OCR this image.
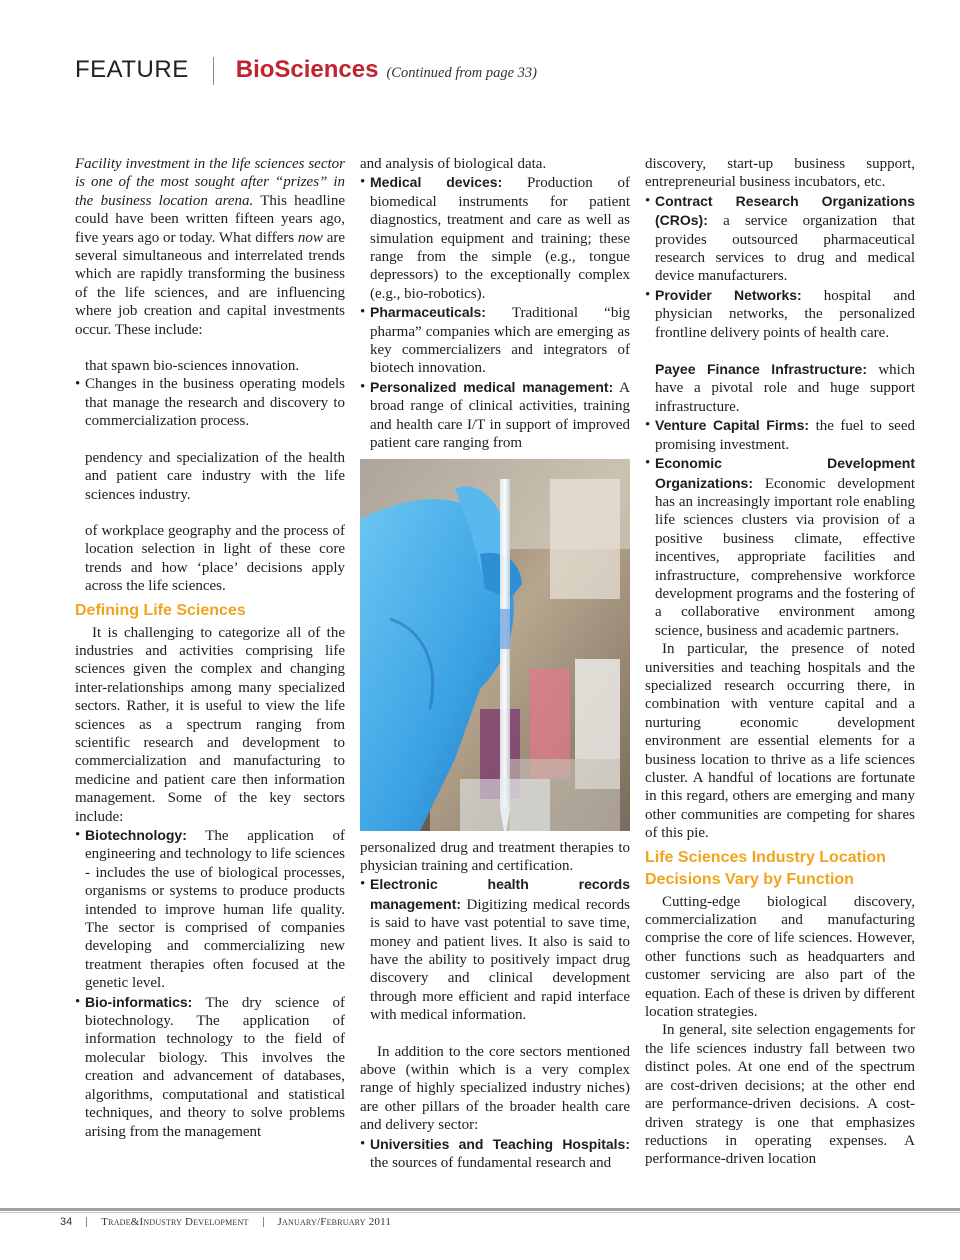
FEATURE BioSciences (Continued from page 33)

Facility investment in the life sciences sector is one of the most sought after “prizes” in the business location arena. This headline could have been written fifteen years ago, five years ago or today. What differs now are several simultaneous and interrelated trends which are rapidly transforming the business of the life sciences, and are influencing where job creation and capital investments occur. These include:

that spawn bio-sciences innovation.

• Changes in the business operating models that manage the research and discovery to commercialization process.

pendency and specialization of the health and patient care industry with the life sciences industry.

of workplace geography and the process of location selection in light of these core trends and how ‘place’ decisions apply across the life sciences.

Defining Life Sciences

It is challenging to categorize all of the industries and activities comprising life sciences given the complex and changing inter-relationships among many specialized sectors. Rather, it is useful to view the life sciences as a spectrum ranging from scientific research and development to commercialization and manufacturing to medicine and patient care then information management. Some of the key sectors include:

• Biotechnology: The application of engineering and technology to life sciences - includes the use of biological processes, organisms or systems to produce products intended to improve human life quality. The sector is comprised of companies developing and commercializing new treatment therapies often focused at the genetic level.

• Bio-informatics: The dry science of biotechnology. The application of information technology to the field of molecular biology. This involves the creation and advancement of databases, algorithms, computational and statistical techniques, and theory to solve problems arising from the management

and analysis of biological data.

• Medical devices: Production of biomedical instruments for patient diagnostics, treatment and care as well as simulation equipment and training; these range from the simple (e.g., tongue depressors) to the exceptionally complex (e.g., bio-robotics).

• Pharmaceuticals: Traditional “big pharma” companies which are emerging as key commercializers and integrators of biotech innovation.

• Personalized medical management: A broad range of clinical activities, training and health care I/T in support of improved patient care ranging from

personalized drug and treatment therapies to physician training and certification.

• Electronic health records management: Digitizing medical records is said to have vast potential to save time, money and patient lives. It also is said to have the ability to positively impact drug discovery and clinical development through more efficient and rapid interface with medical information.

In addition to the core sectors mentioned above (within which is a very complex range of highly specialized industry niches) are other pillars of the broader health care and delivery sector:

• Universities and Teaching Hospitals: the sources of fundamental research and

discovery, start-up business support, entrepreneurial business incubators, etc.

• Contract Research Organizations (CROs): a service organization that provides outsourced pharmaceutical research services to drug and medical device manufacturers.

• Provider Networks: hospital and physician networks, the personalized frontline delivery points of health care.

Payee Finance Infrastructure: which have a pivotal role and huge support infrastructure.

• Venture Capital Firms: the fuel to seed promising investment.

• Economic Development Organizations: Economic development has an increasingly important role enabling life sciences clusters via provision of a positive business climate, effective incentives, appropriate facilities and infrastructure, comprehensive workforce development programs and the fostering of a collaborative environment among science, business and academic partners.

In particular, the presence of noted universities and teaching hospitals and the specialized research occurring there, in combination with venture capital and a nurturing economic development environment are essential elements for a business location to thrive as a life sciences cluster. A handful of locations are fortunate in this regard, others are emerging and many other communities are competing for shares of this pie.

Life Sciences Industry Location Decisions Vary by Function

Cutting-edge biological discovery, commercialization and manufacturing comprise the core of life sciences. However, other functions such as headquarters and customer servicing are also part of the equation. Each of these is driven by different location strategies.

In general, site selection engagements for the life sciences industry fall between two distinct poles. At one end of the spectrum are cost-driven decisions; at the other end are performance-driven decisions. A cost-driven strategy is one that emphasizes reductions in operating expenses. A performance-driven location

34	Trade&Industry Development	January/February 2011
